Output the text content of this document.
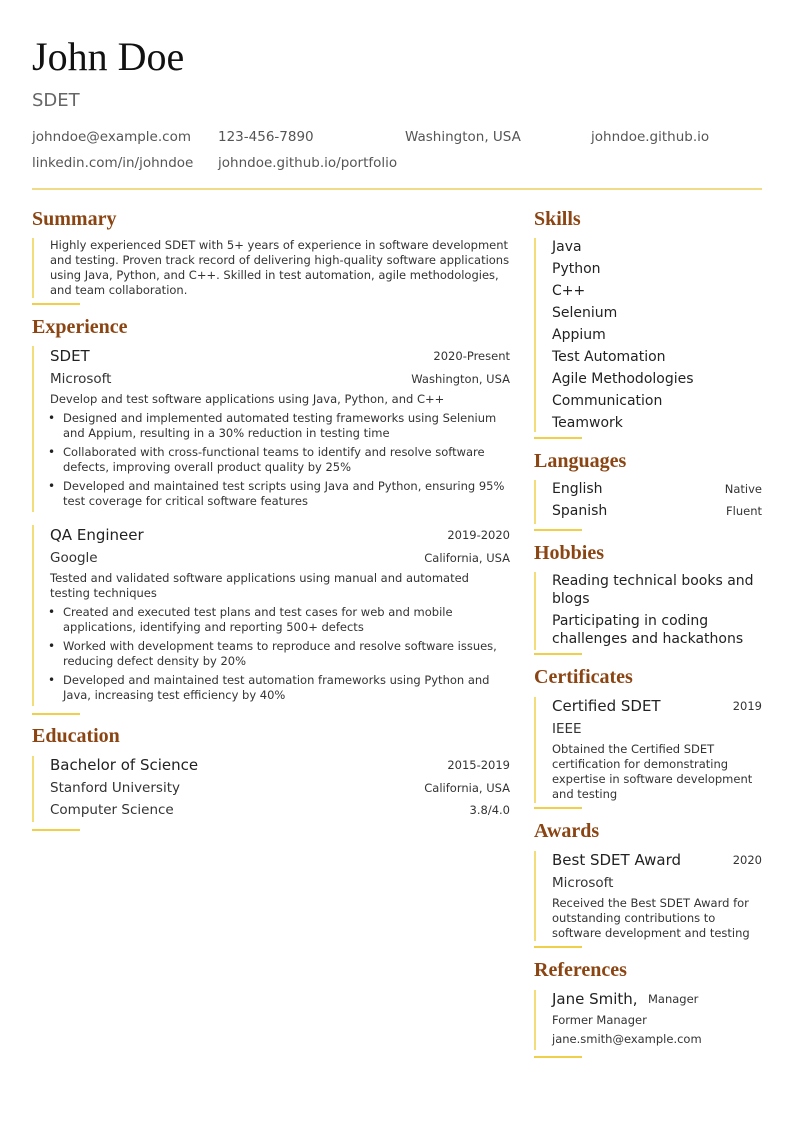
John Doe
SDET
johndoe@example.com 123-456-7890	Washington, USA	johndoe.github.io
linkedin.com/in/johndoe johndoe.github.io/portfolio
Summary
Highly experienced SDET with 5+ years of experience in software development and testing. Proven track record of delivering high-quality software applications using Java, Python, and C++. Skilled in test automation, agile methodologies, and team collaboration.
Experience
SDET	2020-Present
Microsoft	Washington, USA
Develop and test software applications using Java, Python, and C++
• Designed and implemented automated testing frameworks using Selenium and Appium, resulting in a 30% reduction in testing time
• Collaborated with cross-functional teams to identify and resolve software defects, improving overall product quality by 25%
• Developed and maintained test scripts using Java and Python, ensuring 95% test coverage for critical software features
QA Engineer	2019-2020
Google	California, USA
Tested and validated software applications using manual and automated testing techniques
• Created and executed test plans and test cases for web and mobile applications, identifying and reporting 500+ defects
• Worked with development teams to reproduce and resolve software issues, reducing defect density by 20%
• Developed and maintained test automation frameworks using Python and Java, increasing test efficiency by 40%
Education
Bachelor of Science	2015-2019
Stanford University	California, USA
Computer Science	3.8/4.0
Skills
Java
Python
C++
Selenium
Appium
Test Automation
Agile Methodologies
Communication
Teamwork
Languages
English	Native
Spanish	Fluent
Hobbies
Reading technical books and blogs
Participating in coding challenges and hackathons
Certificates
Certified SDET	2019
IEEE
Obtained the Certified SDET certification for demonstrating expertise in software development and testing
Awards
Best SDET Award	2020
Microsoft
Received the Best SDET Award for outstanding contributions to software development and testing
References
Jane Smith, Manager
Former Manager
jane.smith@example.com
